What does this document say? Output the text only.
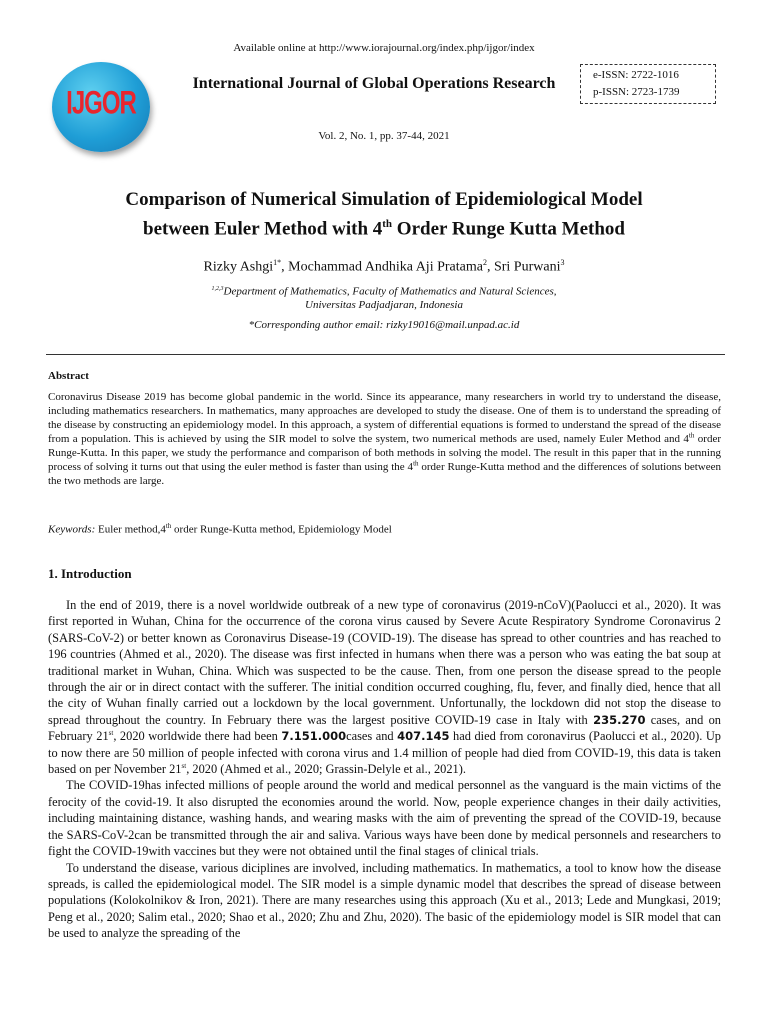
Available online at http://www.iorajournal.org/index.php/ijgor/index
IJGOR
International Journal of Global Operations Research	e-ISSN: 2722-1016
p-ISSN: 2723-1739
Vol. 2, No. 1, pp. 37-44, 2021
Comparison of Numerical Simulation of Epidemiological Model
between Euler Method with 4th Order Runge Kutta Method
Rizky Ashgi$^{1*}$, Mochammad Andhika Aji Pratama$^2$, Sri Purwani$^3$
$^{1,2,3}$Department of Mathematics, Faculty of Mathematics and Natural Sciences,
Universitas Padjadjaran, Indonesia
*Corresponding author email: rizky19016@mail.unpad.ac.id
Abstract
Coronavirus Disease 2019 has become global pandemic in the world. Since its appearance, many researchers in world try to understand the disease, including mathematics researchers. In mathematics, many approaches are developed to study the disease. One of them is to understand the spreading of the disease by constructing an epidemiology model. In this approach, a system of differential equations is formed to understand the spread of the disease from a population. This is achieved by using the SIR model to solve the system, two numerical methods are used, namely Euler Method and 4th order Runge-Kutta. In this paper, we study the performance and comparison of both methods in solving the model. The result in this paper that in the running process of solving it turns out that using the euler method is faster than using the 4th order Runge-Kutta method and the differences of solutions between the two methods are large.
Keywords: Euler method,4th order Runge-Kutta method, Epidemiology Model
1. Introduction

In the end of 2019, there is a novel worldwide outbreak of a new type of coronavirus (2019-nCoV)(Paolucci et al., 2020). It was first reported in Wuhan, China for the occurrence of the corona virus caused by Severe Acute Respiratory Syndrome Coronavirus 2 (SARS-CoV-2) or better known as Coronavirus Disease-19 (COVID-19). The disease has spread to other countries and has reached to 196 countries (Ahmed et al., 2020). The disease was first infected in humans when there was a person who was eating the bat soup at traditional market in Wuhan, China. Which was suspected to be the cause. Then, from one person the disease spread to the people through the air or in direct contact with the sufferer. The initial condition occurred coughing, flu, fever, and finally died, hence that all the city of Wuhan finally carried out a lockdown by the local government. Unfortunally, the lockdown did not stop the disease to spread throughout the country. In February there was the largest positive COVID-19 case in Italy with 235.270 cases, and on February 21st, 2020 worldwide there had been 7.151.000cases and 407.145 had died from coronavirus (Paolucci et al., 2020). Up to now there are 50 million of people infected with corona virus and 1.4 million of people had died from COVID-19, this data is taken based on per November 21st, 2020 (Ahmed et al., 2020; Grassin-Delyle et al., 2021).

The COVID-19has infected millions of people around the world and medical personnel as the vanguard is the main victims of the ferocity of the covid-19. It also disrupted the economies around the world. Now, people experience changes in their daily activities, including maintaining distance, washing hands, and wearing masks with the aim of preventing the spread of the COVID-19, because the SARS-CoV-2can be transmitted through the air and saliva. Various ways have been done by medical personnels and researchers to fight the COVID-19with vaccines but they were not obtained until the final stages of clinical trials.

To understand the disease, various diciplines are involved, including mathematics. In mathematics, a tool to know how the disease spreads, is called the epidemiological model. The SIR model is a simple dynamic model that describes the spread of disease between populations (Kolokolnikov & Iron, 2021). There are many researches using this approach (Xu et al., 2013; Lede and Mungkasi, 2019; Peng et al., 2020; Salim etal., 2020; Shao et al., 2020; Zhu and Zhu, 2020). The basic of the epidemiology model is SIR model that can be used to analyze the spreading of the
